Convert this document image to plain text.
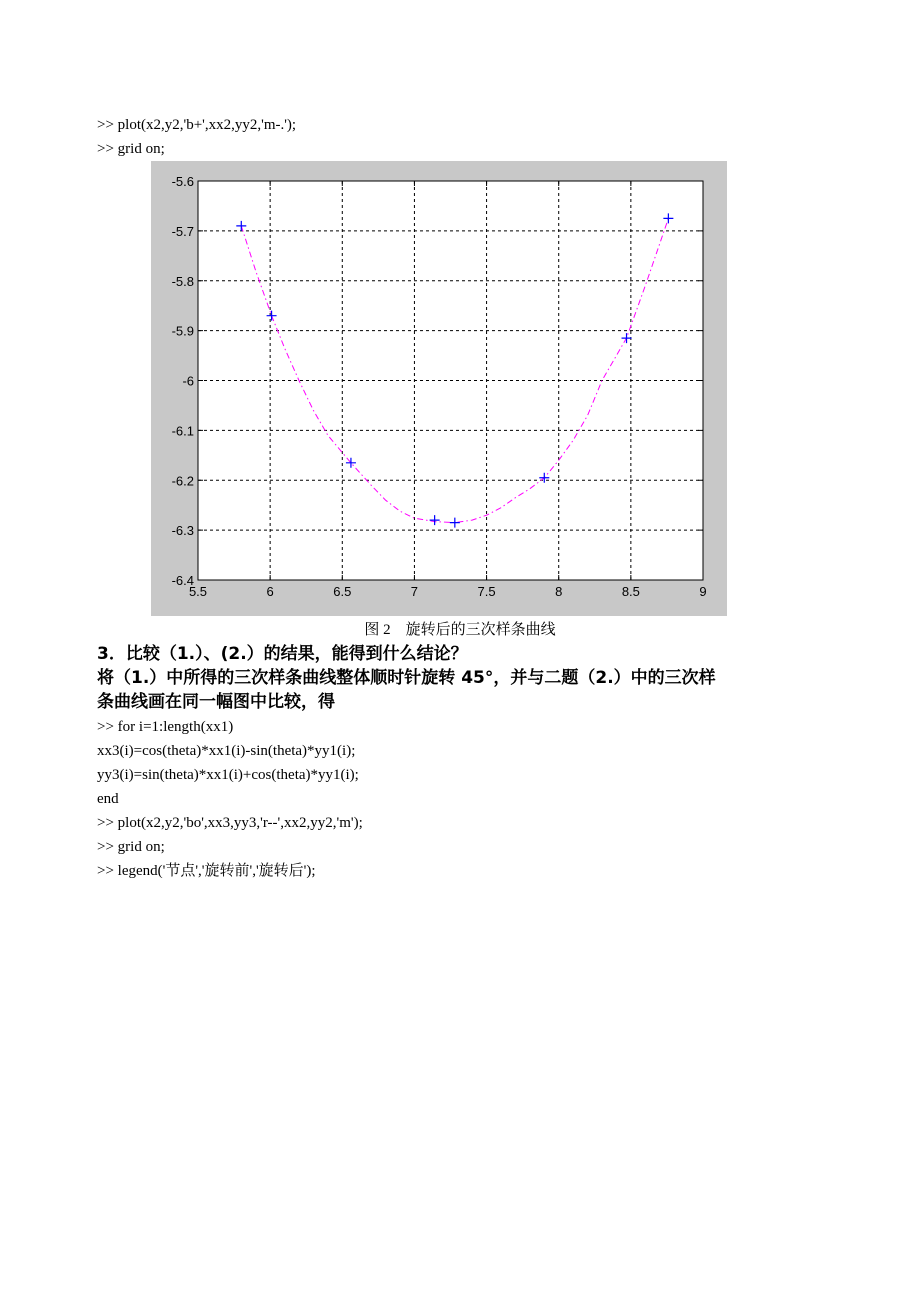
>> plot(x2,y2,'b+',xx2,yy2,'m-.');
>> grid on;
5.5	6	6.5	7	7.5	8	8.5	9
-5.6
-5.7
-5.8
-5.9
-6
-6.1
-6.2
-6.3
-6.4
图 2　旋转后的三次样条曲线
3．比较（1.）、(2.）的结果，能得到什么结论？
将（1.）中所得的三次样条曲线整体顺时针旋转 45°，并与二题（2.）中的三次样
条曲线画在同一幅图中比较，得
>> for i=1:length(xx1)
xx3(i)=cos(theta)*xx1(i)-sin(theta)*yy1(i);
yy3(i)=sin(theta)*xx1(i)+cos(theta)*yy1(i);
end
>> plot(x2,y2,'bo',xx3,yy3,'r--',xx2,yy2,'m');
>> grid on;
>> legend('节点','旋转前','旋转后');
